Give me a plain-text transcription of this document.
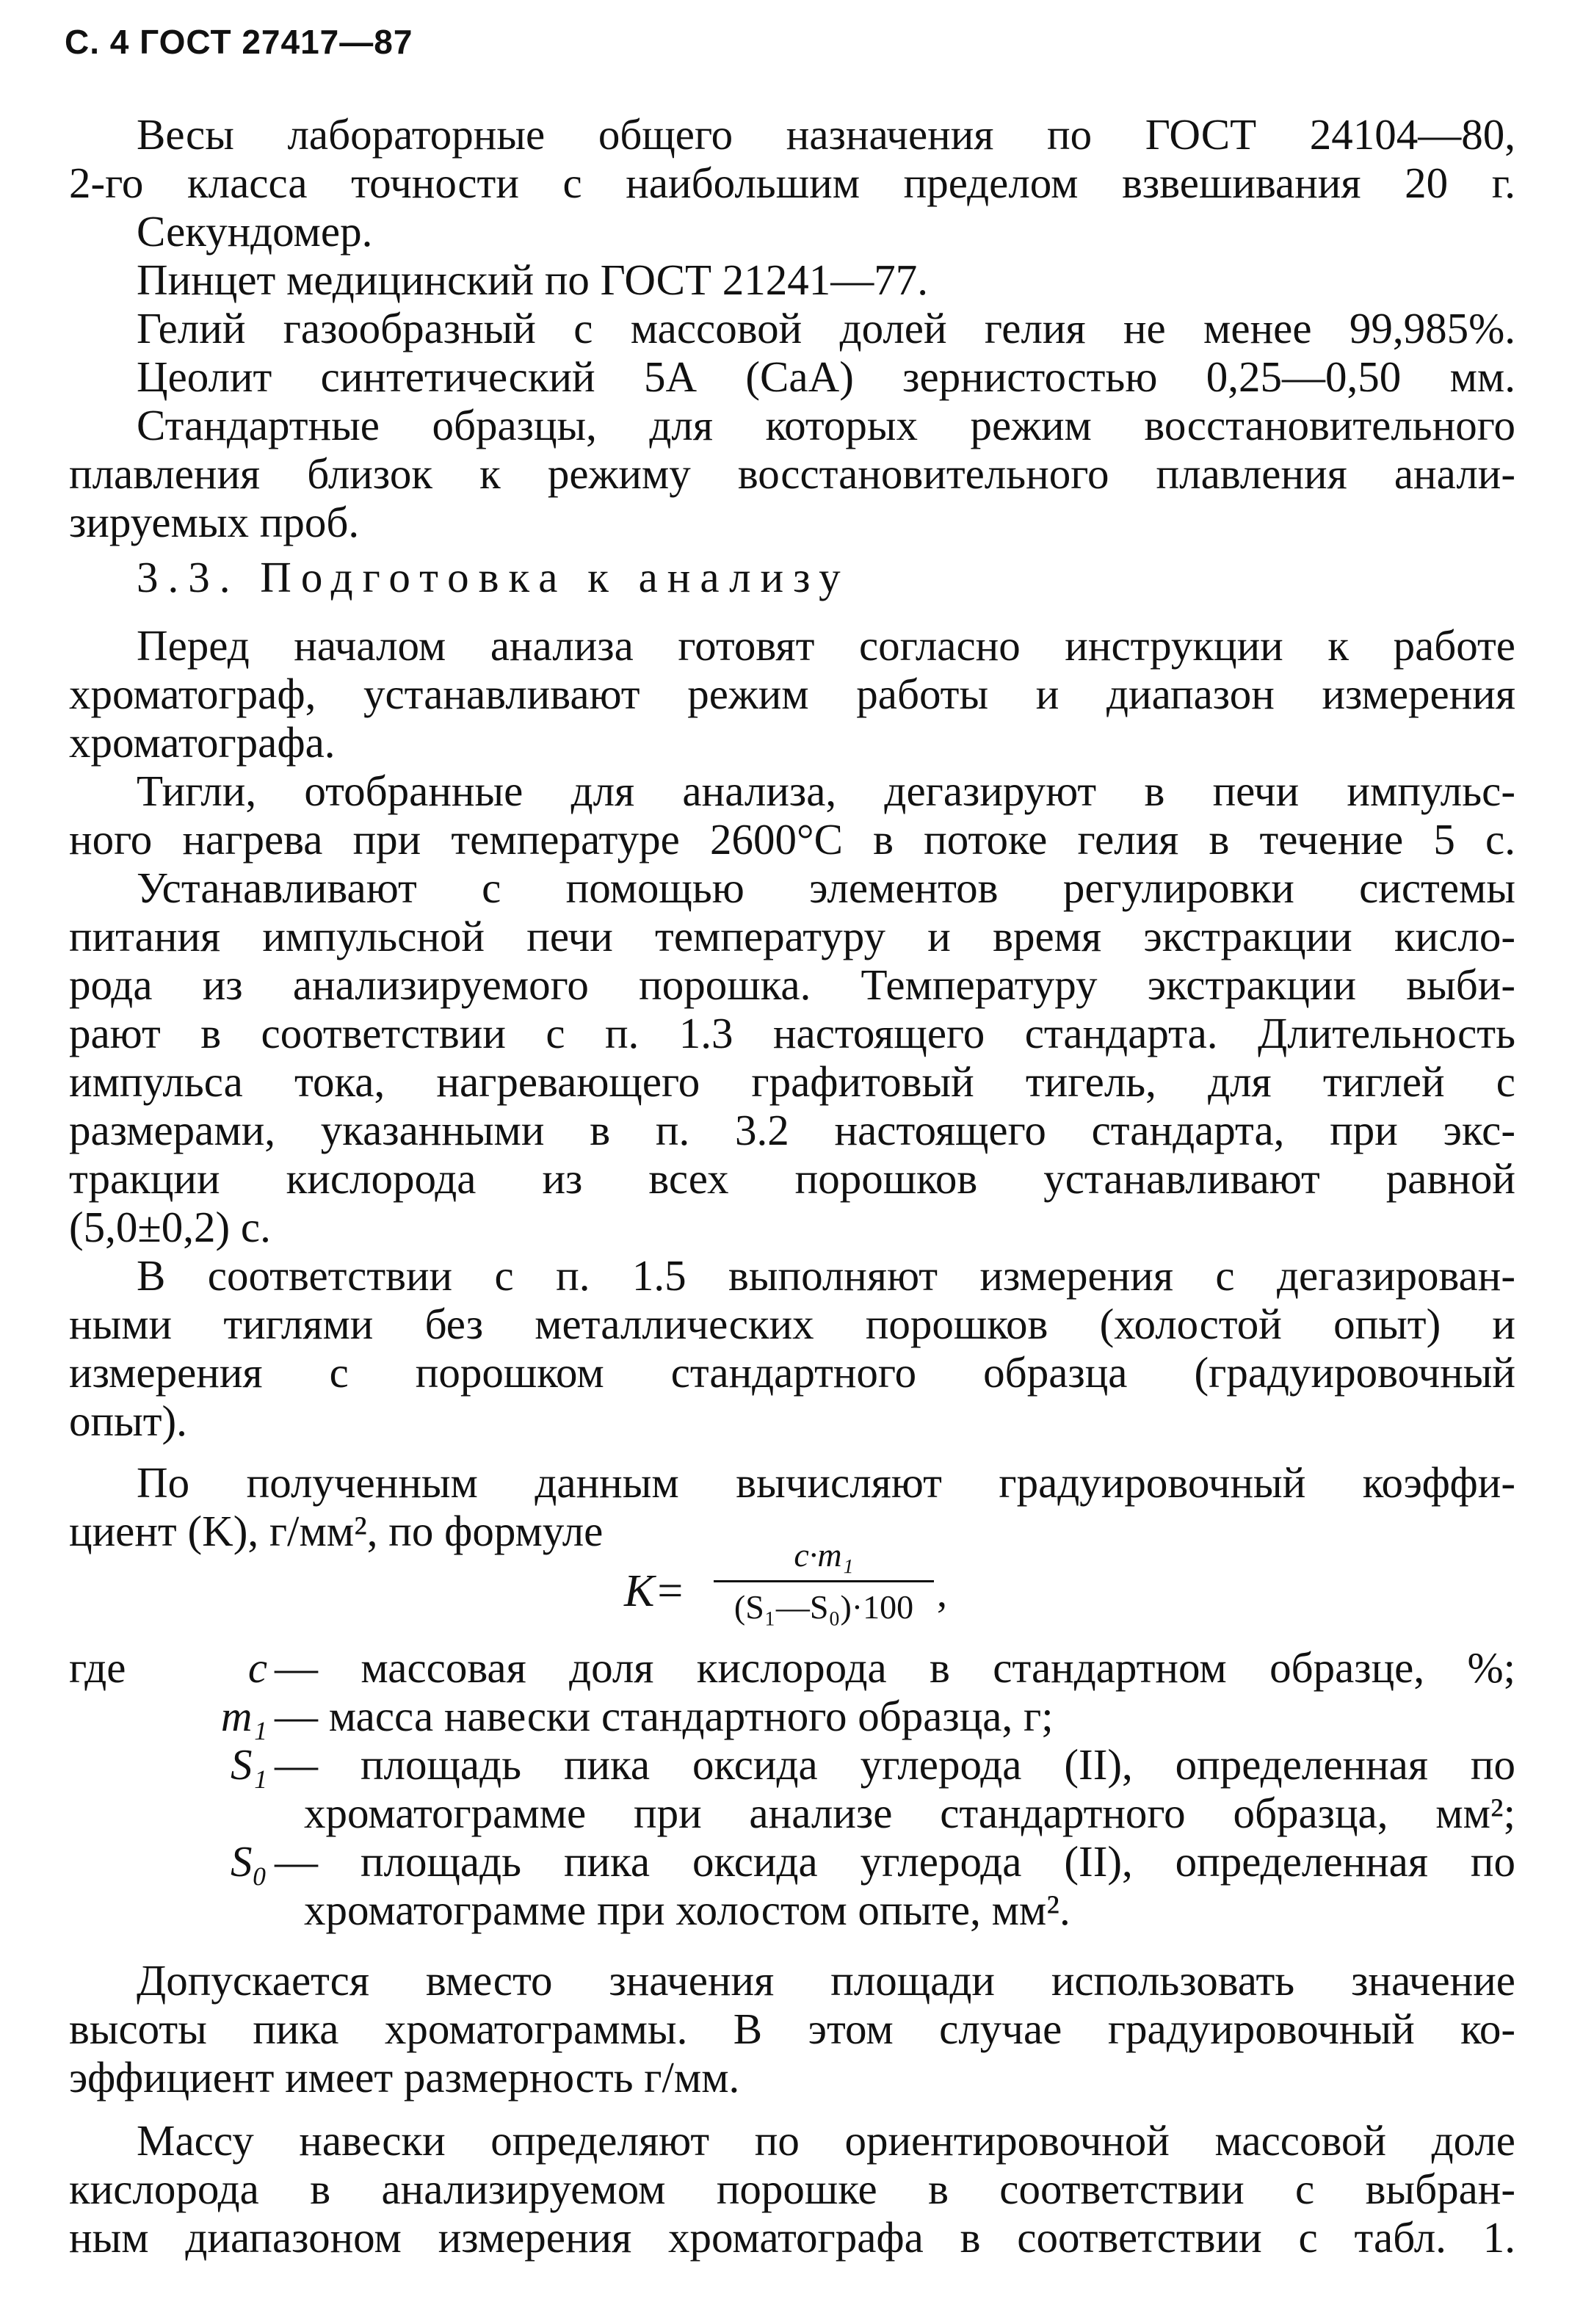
С. 4 ГОСТ 27417—87
Весы лабораторные общего назначения по ГОСТ 24104—80,
2-го класса точности с наибольшим пределом взвешивания 20 г.
Секундомер.
Пинцет медицинский по ГОСТ 21241—77.
Гелий газообразный с массовой долей гелия не менее 99,985%.
Цеолит синтетический 5А (СаА) зернистостью 0,25—0,50 мм.
Стандартные образцы, для которых режим восстановительного
плавления близок к режиму восстановительного плавления анали-
зируемых проб.
3.3. Подготовка к анализу
Перед началом анализа готовят согласно инструкции к работе
хроматограф, устанавливают режим работы и диапазон измерения
хроматографа.
Тигли, отобранные для анализа, дегазируют в печи импульс-
ного нагрева при температуре 2600°С в потоке гелия в течение 5 с.
Устанавливают с помощью элементов регулировки системы
питания импульсной печи температуру и время экстракции кисло-
рода из анализируемого порошка. Температуру экстракции выби-
рают в соответствии с п. 1.3 настоящего стандарта. Длительность
импульса тока, нагревающего графитовый тигель, для тиглей с
размерами, указанными в п. 3.2 настоящего стандарта, при экс-
тракции кислорода из всех порошков устанавливают равной
(5,0±0,2) с.
В соответствии с п. 1.5 выполняют измерения с дегазирован-
ными тиглями без металлических порошков (холостой опыт) и
измерения с порошком стандартного образца (градуировочный
опыт).
По полученным данным вычисляют градуировочный коэффи-
циент (K), г/мм², по формуле
K=
c·m₁
(S₁—S₀)·100 ,
где	c — массовая доля кислорода в стандартном образце, %;
m₁ — масса навески стандартного образца, г;
S₁ — площадь пика оксида углерода (II), определенная по
хроматограмме при анализе стандартного образца, мм²;
S₀ — площадь пика оксида углерода (II), определенная по
хроматограмме при холостом опыте, мм².
Допускается вместо значения площади использовать значение
высоты пика хроматограммы. В этом случае градуировочный ко-
эффициент имеет размерность г/мм.
Массу навески определяют по ориентировочной массовой доле
кислорода в анализируемом порошке в соответствии с выбран-
ным диапазоном измерения хроматографа в соответствии с табл. 1.
